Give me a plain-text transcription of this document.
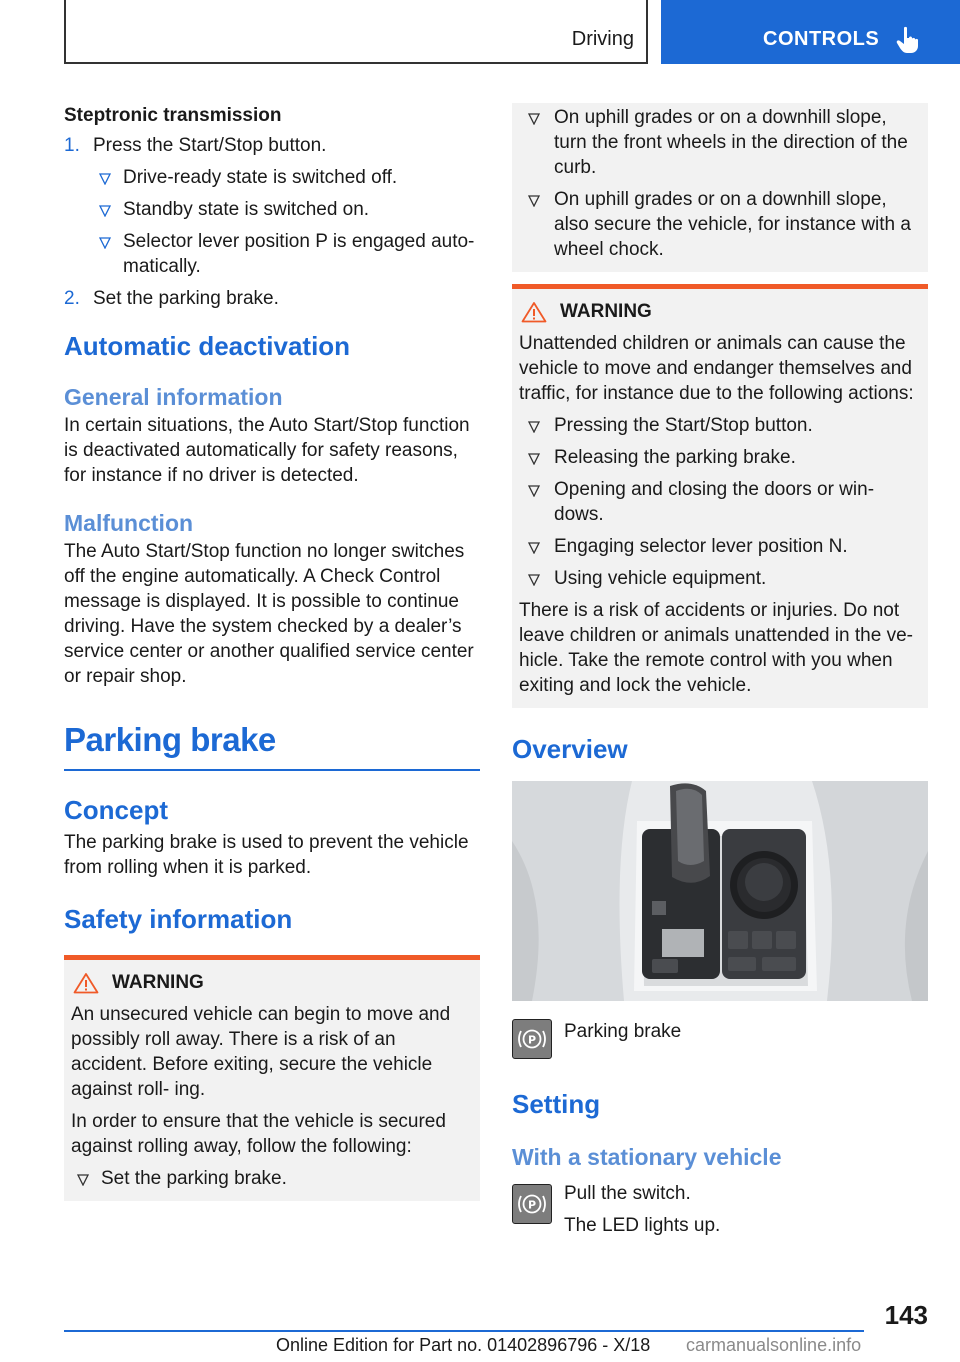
Driving	CONTROLS
Steptronic transmission
1. Press the Start/Stop button.
Drive-ready state is switched off.
Standby state is switched on.
Selector lever position P is engaged auto‐ matically.
2. Set the parking brake.
Automatic deactivation
General information

In certain situations, the Auto Start/Stop function is deactivated automatically for safety reasons, for instance if no driver is detected.

Malfunction

The Auto Start/Stop function no longer switches off the engine automatically. A Check Control message is displayed. It is possible to continue driving. Have the system checked by a dealer’s service center or another qualified service center or repair shop.

Parking brake
Concept

The parking brake is used to prevent the vehicle from rolling when it is parked.

Safety information
WARNING

An unsecured vehicle can begin to move and possibly roll away. There is a risk of an accident. Before exiting, secure the vehicle against roll‐ ing.

In order to ensure that the vehicle is secured against rolling away, follow the following:

Set the parking brake.
On uphill grades or on a downhill slope, turn the front wheels in the direction of the curb.
On uphill grades or on a downhill slope, also secure the vehicle, for instance with a wheel chock.
WARNING

Unattended children or animals can cause the vehicle to move and endanger themselves and traffic, for instance due to the following actions:

Pressing the Start/Stop button.
Releasing the parking brake.
Opening and closing the doors or win‐ dows.
Engaging selector lever position N.
Using vehicle equipment.

There is a risk of accidents or injuries. Do not leave children or animals unattended in the ve‐ hicle. Take the remote control with you when exiting and lock the vehicle.

Overview
P Parking brake
Setting
With a stationary vehicle
P
Pull the switch.
The LED lights up.
143
Online Edition for Part no. 01402896796 - X/18 carmanualsonline.info
